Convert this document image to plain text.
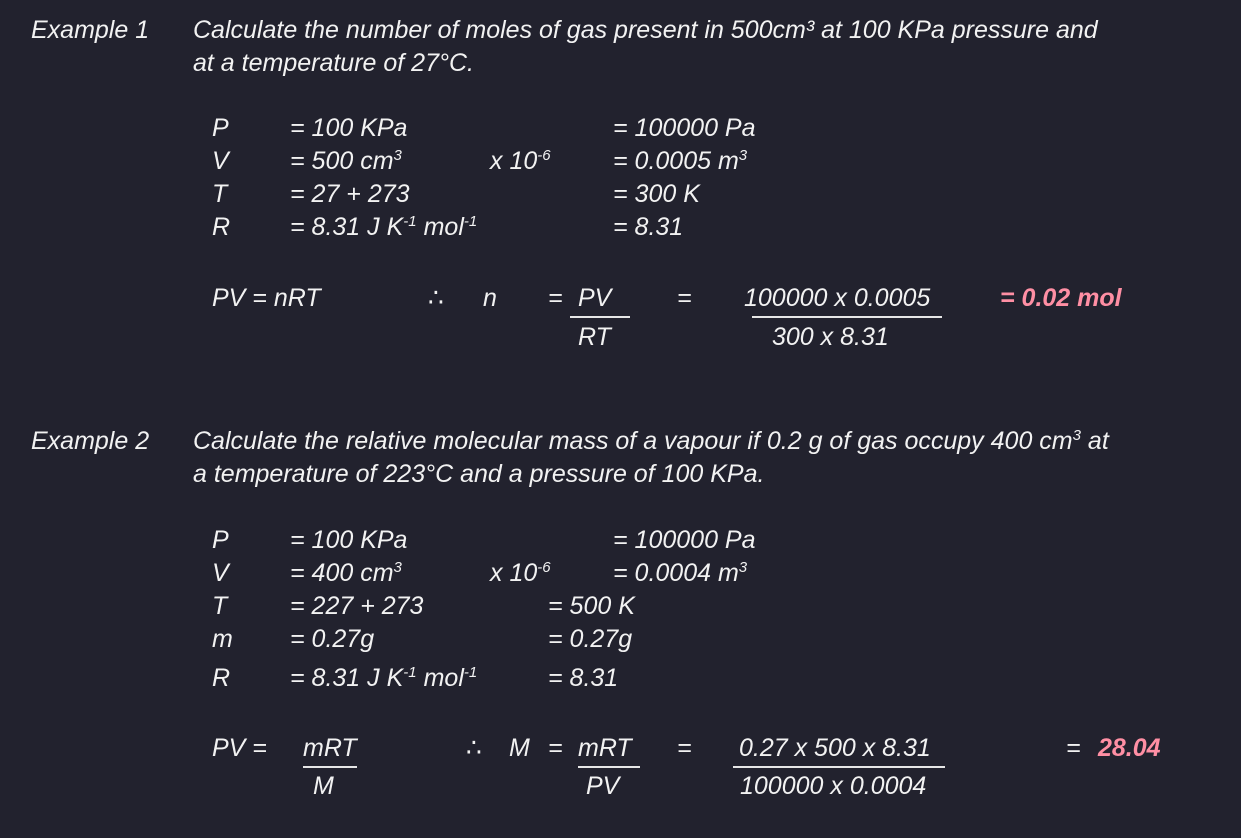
Example 1 Calculate the number of moles of gas present in 500cm³ at 100 KPa pressure and
at a temperature of 27°C.
P = 100 KPa	= 100000 Pa
V = 500 $cm^3$	x $10^{-6} = 0.0005$ $m^3$
T	= 27 + 273	= 300 K
R = 8.31 J $K^{-1}$ mol$^{-1}$	= 8.31
PV = nRT	∴ n = PV
RT
= 100000 x 0.0005
300 x 8.31
= 0.02 mol
Example 2 Calculate the relative molecular mass of a vapour if 0.2 g of gas occupy 400 $cm^3$ at
a temperature of 223°C and a pressure of 100 KPa.
P = 100 KPa	= 100000 Pa
V = 400 $cm^3$	x $10^{-6} = 0.0004$ $m^3$
T	= 227 + 273	= 500 K
m = 0.27g	= 0.27g
R = 8.31 J $K^{-1}$ mol$^{-1}$	= 8.31
PV = mRT
M
∴ M = mRT
PV
= 0.27 x 500 x 8.31
100000 x 0.0004
= 28.04
